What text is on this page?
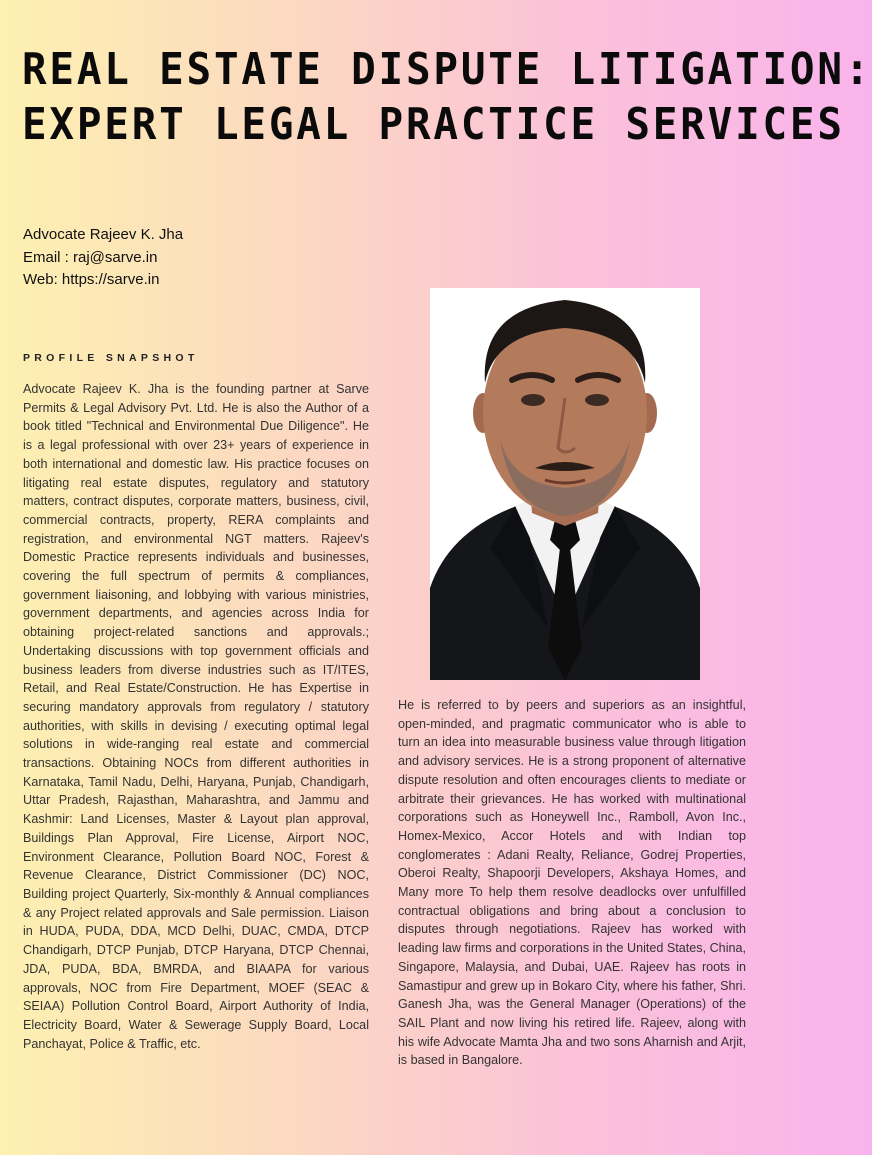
REAL ESTATE DISPUTE LITIGATION:
EXPERT LEGAL PRACTICE SERVICES
Advocate Rajeev K. Jha
Email : raj@sarve.in
Web: https://sarve.in
PROFILE SNAPSHOT

Advocate Rajeev K. Jha is the founding partner at Sarve Permits & Legal Advisory Pvt. Ltd. He is also the Author of a book titled "Technical and Environmental Due Diligence". He is a legal professional with over 23+ years of experience in both international and domestic law. His practice focuses on litigating real estate disputes, regulatory and statutory matters, contract disputes, corporate matters, business, civil, commercial contracts, property, RERA complaints and registration, and environmental NGT matters. Rajeev's Domestic Practice represents individuals and businesses, covering the full spectrum of permits & compliances, government liaisoning, and lobbying with various ministries, government departments, and agencies across India for obtaining project-related sanctions and approvals.; Undertaking discussions with top government officials and business leaders from diverse industries such as IT/ITES, Retail, and Real Estate/Construction. He has Expertise in securing mandatory approvals from regulatory / statutory authorities, with skills in devising / executing optimal legal solutions in wide-ranging real estate and commercial transactions. Obtaining NOCs from different authorities in Karnataka, Tamil Nadu, Delhi, Haryana, Punjab, Chandigarh, Uttar Pradesh, Rajasthan, Maharashtra, and Jammu and Kashmir: Land Licenses, Master & Layout plan approval, Buildings Plan Approval, Fire License, Airport NOC, Environment Clearance, Pollution Board NOC, Forest & Revenue Clearance, District Commissioner (DC) NOC, Building project Quarterly, Six-monthly & Annual compliances & any Project related approvals and Sale permission. Liaison in HUDA, PUDA, DDA, MCD Delhi, DUAC, CMDA, DTCP Chandigarh, DTCP Punjab, DTCP Haryana, DTCP Chennai, JDA, PUDA, BDA, BMRDA, and BIAAPA for various approvals, NOC from Fire Department, MOEF (SEAC & SEIAA) Pollution Control Board, Airport Authority of India, Electricity Board, Water & Sewerage Supply Board, Local Panchayat, Police & Traffic, etc.

He is referred to by peers and superiors as an insightful, open-minded, and pragmatic communicator who is able to turn an idea into measurable business value through litigation and advisory services. He is a strong proponent of alternative dispute resolution and often encourages clients to mediate or arbitrate their grievances. He has worked with multinational corporations such as Honeywell Inc., Ramboll, Avon Inc., Homex-Mexico, Accor Hotels and with Indian top conglomerates : Adani Realty, Reliance, Godrej Properties, Oberoi Realty, Shapoorji Developers, Akshaya Homes, and Many more To help them resolve deadlocks over unfulfilled contractual obligations and bring about a conclusion to disputes through negotiations. Rajeev has worked with leading law firms and corporations in the United States, China, Singapore, Malaysia, and Dubai, UAE. Rajeev has roots in Samastipur and grew up in Bokaro City, where his father, Shri. Ganesh Jha, was the General Manager (Operations) of the SAIL Plant and now living his retired life. Rajeev, along with his wife Advocate Mamta Jha and two sons Aharnish and Arjit, is based in Bangalore.
